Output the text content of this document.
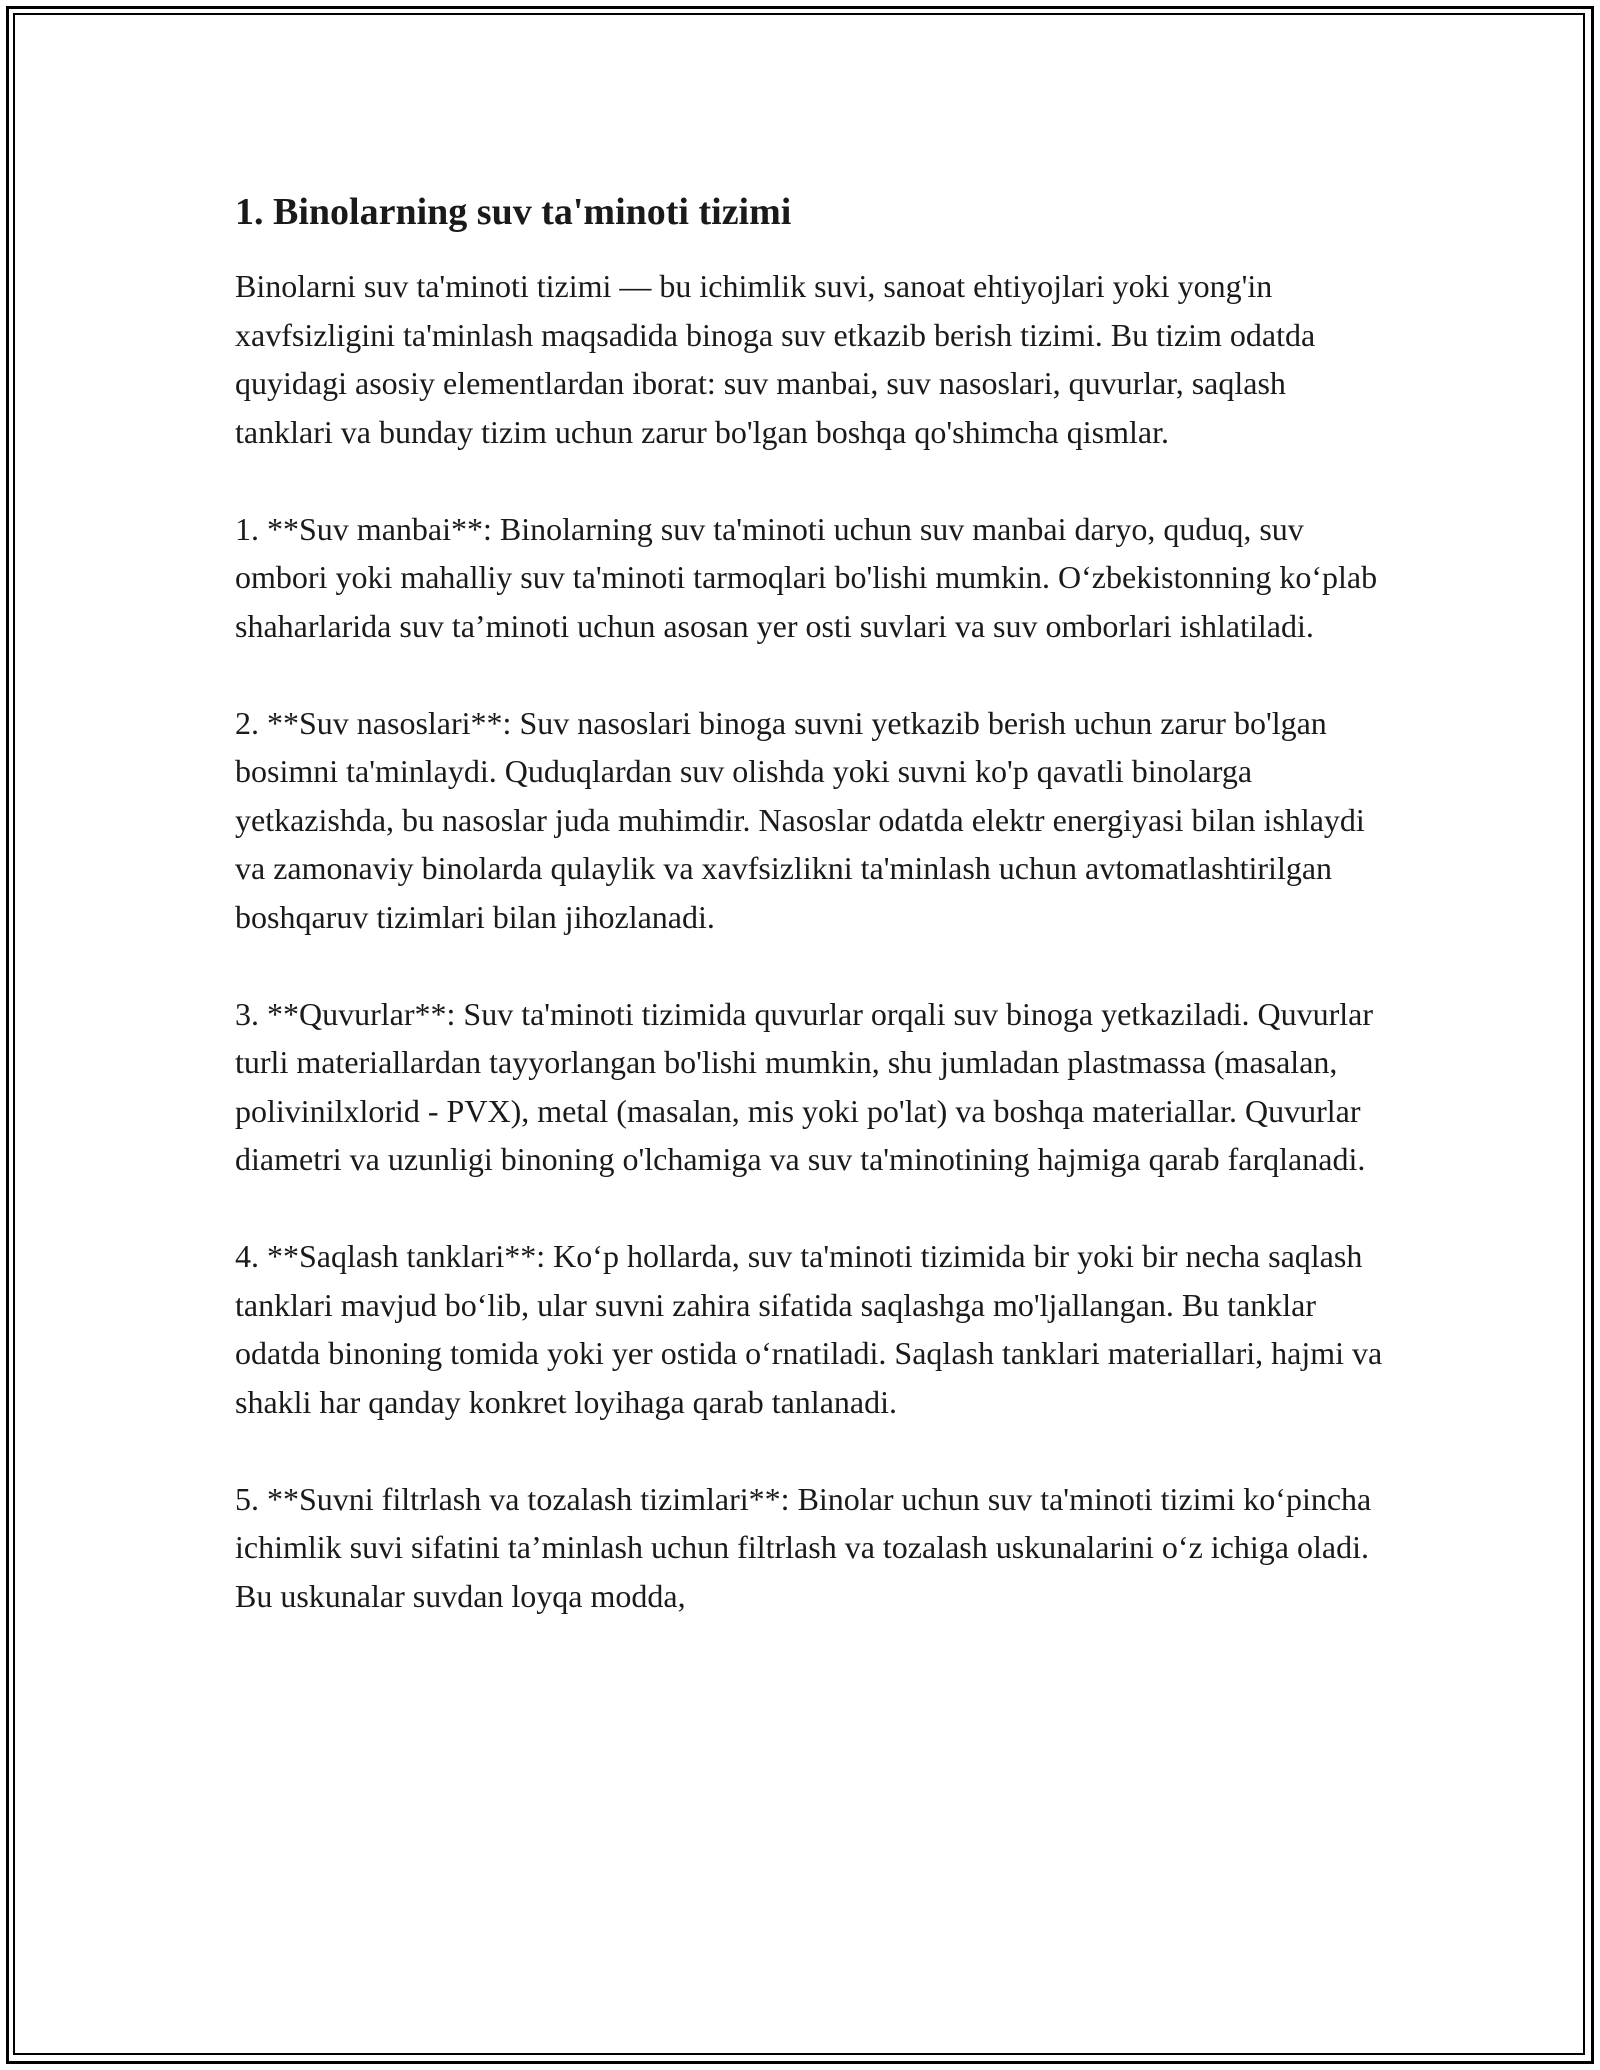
1. Binolarning suv ta'minoti tizimi

Binolarni suv ta'minoti tizimi — bu ichimlik suvi, sanoat ehtiyojlari yoki yong'in xavfsizligini ta'minlash maqsadida binoga suv etkazib berish tizimi. Bu tizim odatda quyidagi asosiy elementlardan iborat: suv manbai, suv nasoslari, quvurlar, saqlash tanklari va bunday tizim uchun zarur bo'lgan boshqa qo'shimcha qismlar.

1. **Suv manbai**: Binolarning suv ta'minoti uchun suv manbai daryo, quduq, suv ombori yoki mahalliy suv ta'minoti tarmoqlari bo'lishi mumkin. O‘zbekistonning ko‘plab shaharlarida suv ta’minoti uchun asosan yer osti suvlari va suv omborlari ishlatiladi.

2. **Suv nasoslari**: Suv nasoslari binoga suvni yetkazib berish uchun zarur bo'lgan bosimni ta'minlaydi. Quduqlardan suv olishda yoki suvni ko'p qavatli binolarga yetkazishda, bu nasoslar juda muhimdir. Nasoslar odatda elektr energiyasi bilan ishlaydi va zamonaviy binolarda qulaylik va xavfsizlikni ta'minlash uchun avtomatlashtirilgan boshqaruv tizimlari bilan jihozlanadi.

3. **Quvurlar**: Suv ta'minoti tizimida quvurlar orqali suv binoga yetkaziladi. Quvurlar turli materiallardan tayyorlangan bo'lishi mumkin, shu jumladan plastmassa (masalan, polivinilxlorid - PVX), metal (masalan, mis yoki po'lat) va boshqa materiallar. Quvurlar diametri va uzunligi binoning o'lchamiga va suv ta'minotining hajmiga qarab farqlanadi.

4. **Saqlash tanklari**: Ko‘p hollarda, suv ta'minoti tizimida bir yoki bir necha saqlash tanklari mavjud bo‘lib, ular suvni zahira sifatida saqlashga mo'ljallangan. Bu tanklar odatda binoning tomida yoki yer ostida o‘rnatiladi. Saqlash tanklari materiallari, hajmi va shakli har qanday konkret loyihaga qarab tanlanadi.

5. **Suvni filtrlash va tozalash tizimlari**: Binolar uchun suv ta'minoti tizimi ko‘pincha ichimlik suvi sifatini ta’minlash uchun filtrlash va tozalash uskunalarini o‘z ichiga oladi. Bu uskunalar suvdan loyqa modda,
